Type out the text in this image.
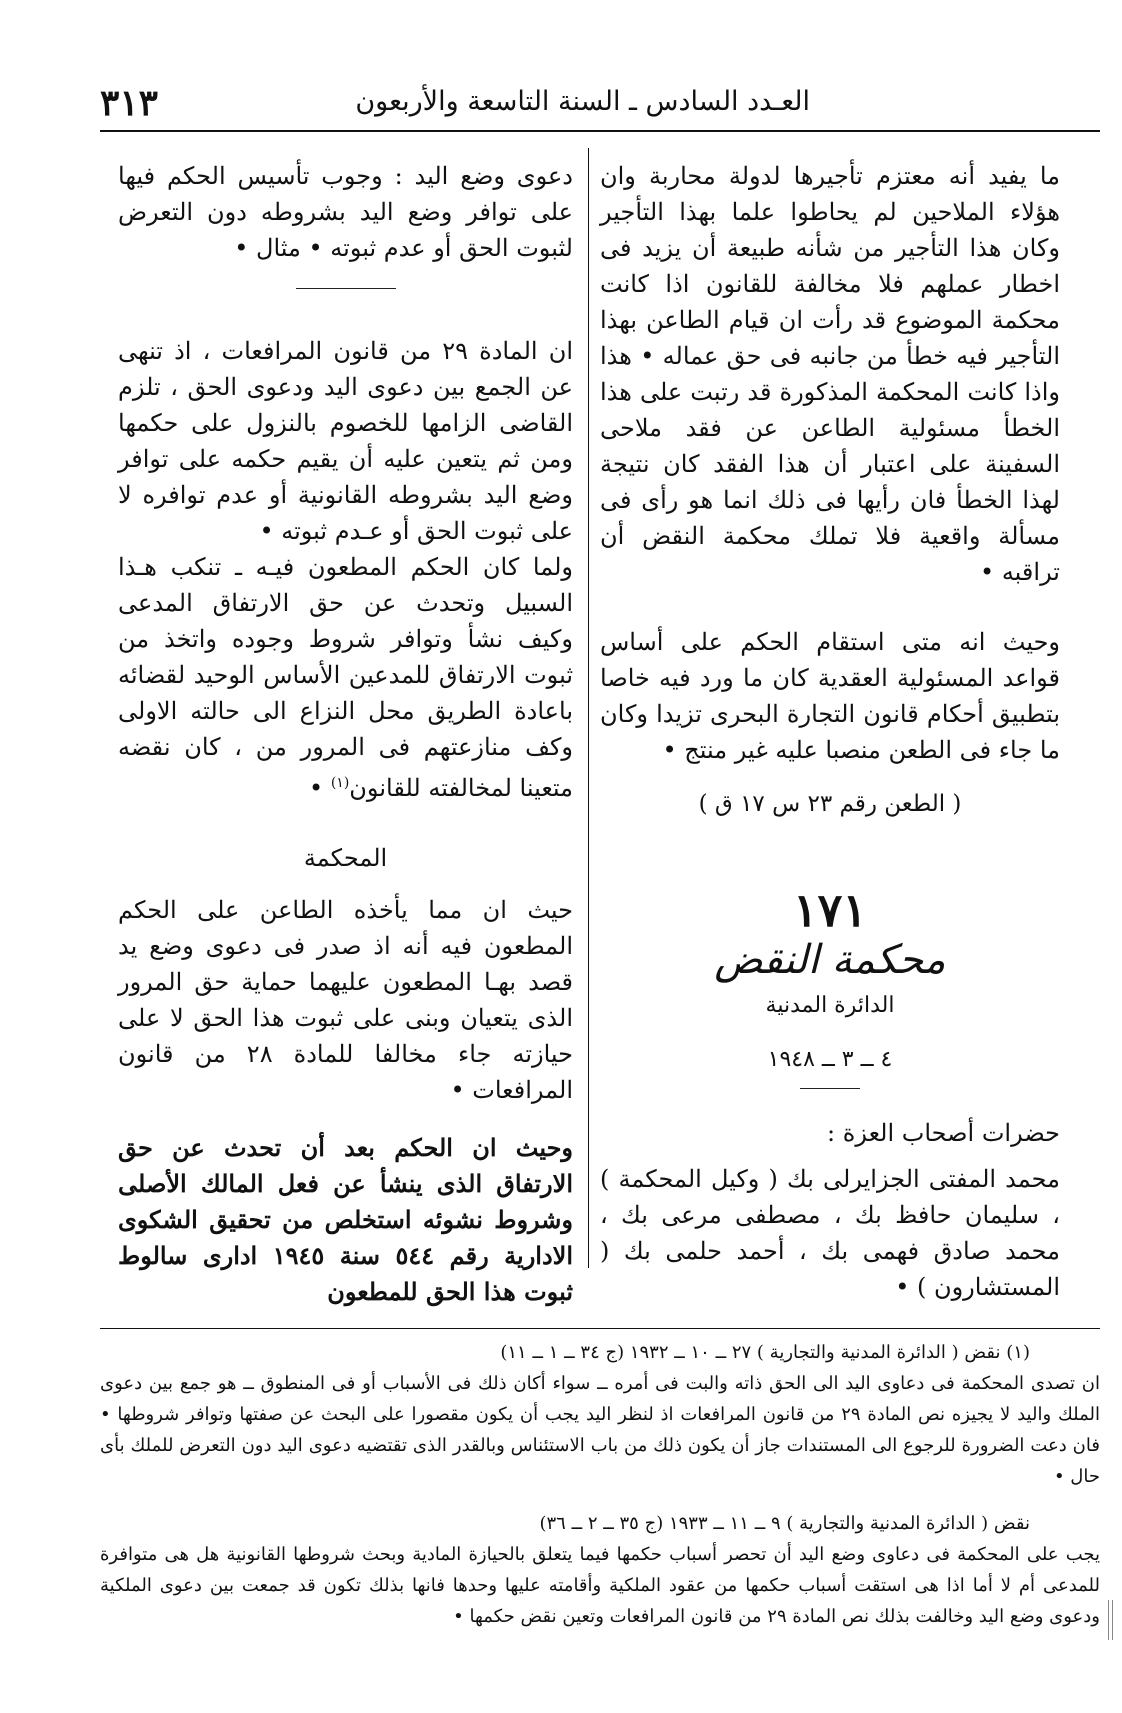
العـدد السادس ـ السنة التاسعة والأربعون
٣١٣

ما يفيد أنه معتزم تأجيرها لدولة محاربة وان هؤلاء الملاحين لم يحاطوا علما بهذا التأجير وكان هذا التأجير من شأنه طبيعة أن يزيد فى اخطار عملهم فلا مخالفة للقانون اذا كانت محكمة الموضوع قد رأت ان قيام الطاعن بهذا التأجير فيه خطأ من جانبه فى حق عماله • هذا واذا كانت المحكمة المذكورة قد رتبت على هذا الخطأ مسئولية الطاعن عن فقد ملاحى السفينة على اعتبار أن هذا الفقد كان نتيجة لهذا الخطأ فان رأيها فى ذلك انما هو رأى فى مسألة واقعية فلا تملك محكمة النقض أن تراقبه •

وحيث انه متى استقام الحكم على أساس قواعد المسئولية العقدية كان ما ورد فيه خاصا بتطبيق أحكام قانون التجارة البحرى تزيدا وكان ما جاء فى الطعن منصبا عليه غير منتج •

( الطعن رقم ٢٣ س ١٧ ق )
١٧١
محكمة النقض
الدائرة المدنية
٤ ــ ٣ ــ ١٩٤٨

حضرات أصحاب العزة :

محمد المفتى الجزايرلى بك ( وكيل المحكمة ) ، سليمان حافظ بك ، مصطفى مرعى بك ، محمد صادق فهمى بك ، أحمد حلمى بك ( المستشارون ) •

دعوى وضع اليد : وجوب تأسيس الحكم فيها على توافر وضع اليد بشروطه دون التعرض لثبوت الحق أو عدم ثبوته • مثال •

ان المادة ٢٩ من قانون المرافعات ، اذ تنهى عن الجمع بين دعوى اليد ودعوى الحق ، تلزم القاضى الزامها للخصوم بالنزول على حكمها ومن ثم يتعين عليه أن يقيم حكمه على توافر وضع اليد بشروطه القانونية أو عدم توافره لا على ثبوت الحق أو عـدم ثبوته •

ولما كان الحكم المطعون فيـه ـ تنكب هـذا السبيل وتحدث عن حق الارتفاق المدعى وكيف نشأ وتوافر شروط وجوده واتخذ من ثبوت الارتفاق للمدعين الأساس الوحيد لقضائه باعادة الطريق محل النزاع الى حالته الاولى وكف منازعتهم فى المرور من ، كان نقضه متعينا لمخالفته للقانون$^{(١)}$ •

المحكمة

حيث ان مما يأخذه الطاعن على الحكم المطعون فيه أنه اذ صدر فى دعوى وضع يد قصد بهـا المطعون عليهما حماية حق المرور الذى يتعيان وبنى على ثبوت هذا الحق لا على حيازته جاء مخالفا للمادة ٢٨ من قانون المرافعات •

وحيث ان الحكم بعد أن تحدث عن حق الارتفاق الذى ينشأ عن فعل المالك الأصلى وشروط نشوئه استخلص من تحقيق الشكوى الادارية رقم ٥٤٤ سنة ١٩٤٥ ادارى سالوط ثبوت هذا الحق للمطعون

(١) نقض ( الدائرة المدنية والتجارية ) ٢٧ ــ ١٠ ــ ١٩٣٢ (ج ٣٤ ــ ١ ــ ١١)

ان تصدى المحكمة فى دعاوى اليد الى الحق ذاته والبت فى أمره ــ سواء أكان ذلك فى الأسباب أو فى المنطوق ــ هو جمع بين دعوى الملك واليد لا يجيزه نص المادة ٢٩ من قانون المرافعات اذ لنظر اليد يجب أن يكون مقصورا على البحث عن صفتها وتوافر شروطها • فان دعت الضرورة للرجوع الى المستندات جاز أن يكون ذلك من باب الاستئناس وبالقدر الذى تقتضيه دعوى اليد دون التعرض للملك بأى حال •

نقض ( الدائرة المدنية والتجارية ) ٩ ــ ١١ ــ ١٩٣٣ (ج ٣٥ ــ ٢ ــ ٣٦)

يجب على المحكمة فى دعاوى وضع اليد أن تحصر أسباب حكمها فيما يتعلق بالحيازة المادية وبحث شروطها القانونية هل هى متوافرة للمدعى أم لا أما اذا هى استقت أسباب حكمها من عقود الملكية وأقامته عليها وحدها فانها بذلك تكون قد جمعت بين دعوى الملكية ودعوى وضع اليد وخالفت بذلك نص المادة ٢٩ من قانون المرافعات وتعين نقض حكمها •
